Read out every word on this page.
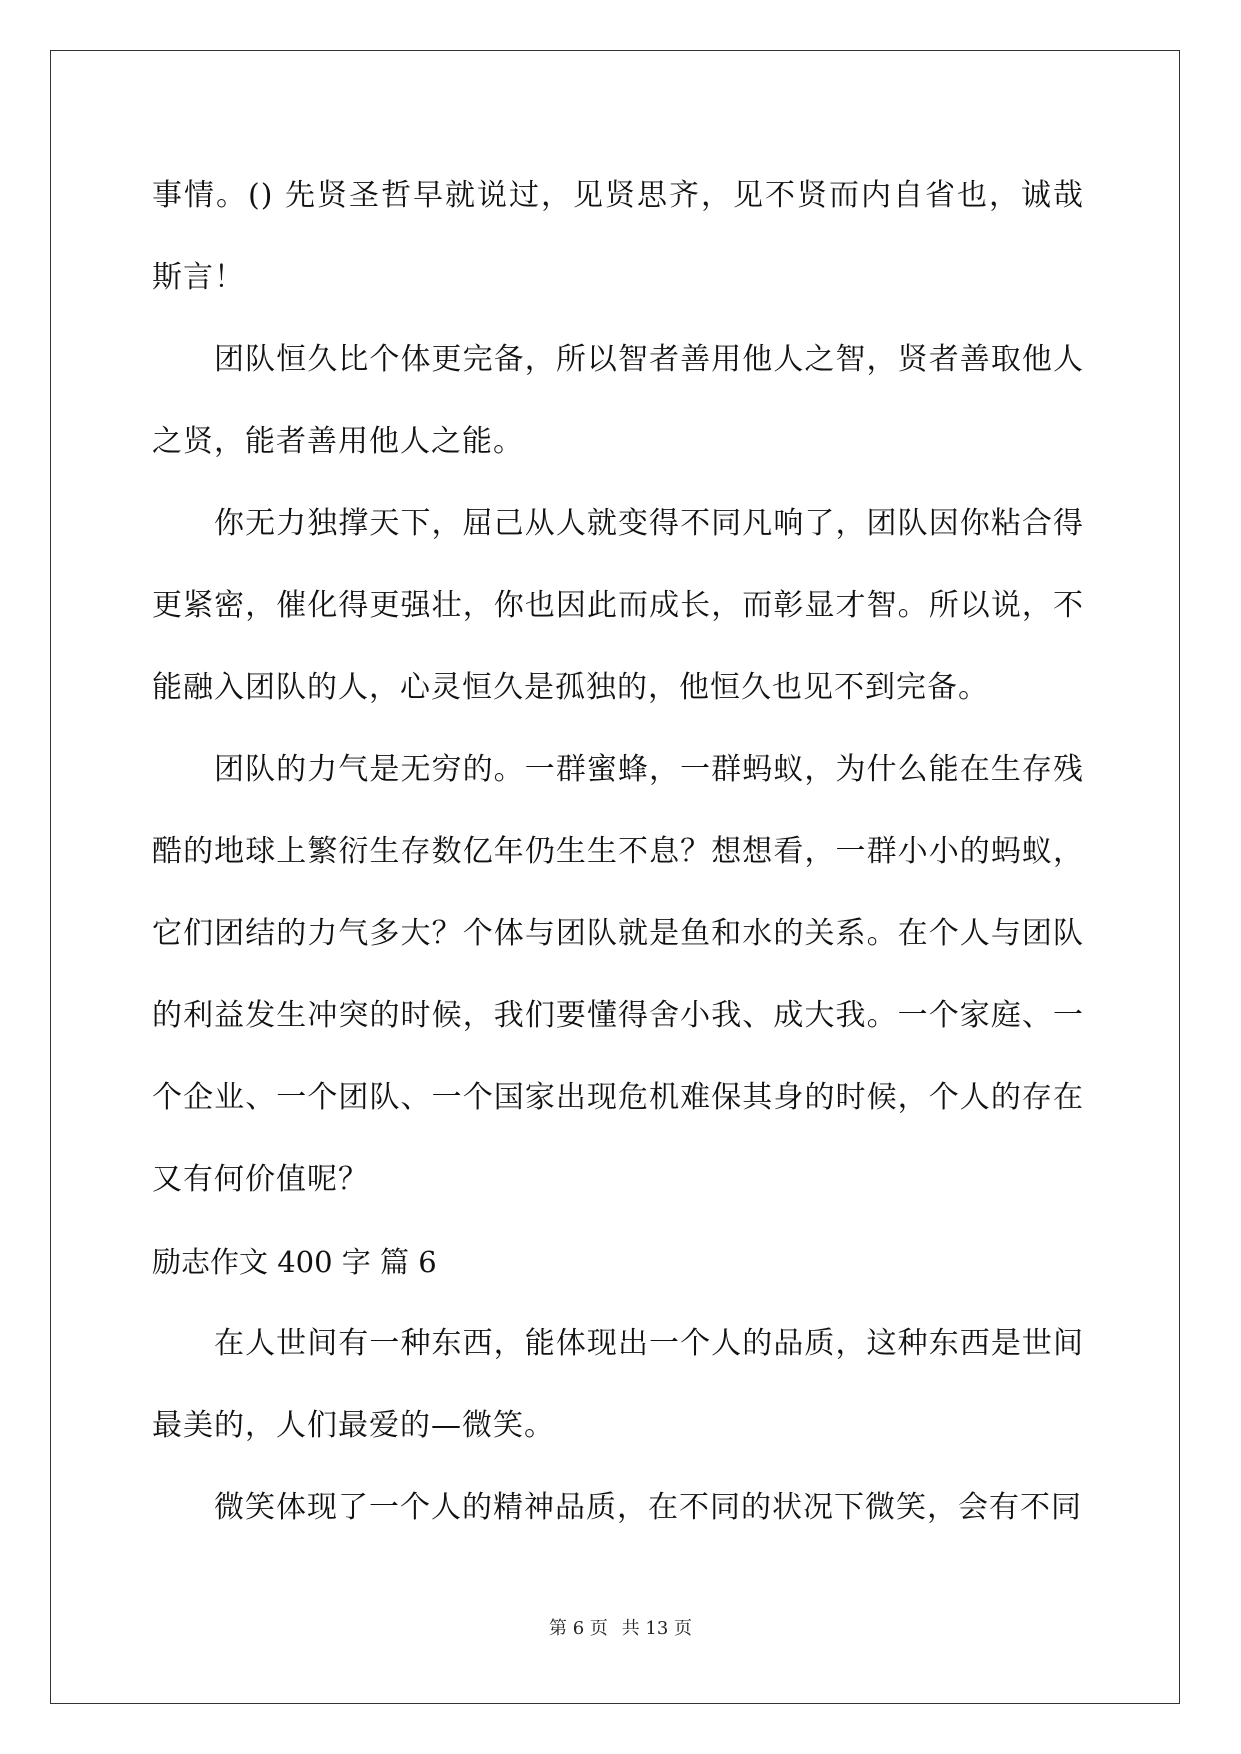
事情。() 先贤圣哲早就说过，见贤思齐，见不贤而内自省也，诚哉斯言！

团队恒久比个体更完备，所以智者善用他人之智，贤者善取他人之贤，能者善用他人之能。

你无力独撑天下，屈己从人就变得不同凡响了，团队因你粘合得更紧密，催化得更强壮，你也因此而成长，而彰显才智。所以说，不能融入团队的人，心灵恒久是孤独的，他恒久也见不到完备。

团队的力气是无穷的。一群蜜蜂，一群蚂蚁，为什么能在生存残酷的地球上繁衍生存数亿年仍生生不息？想想看，一群小小的蚂蚁，它们团结的力气多大？个体与团队就是鱼和水的关系。在个人与团队的利益发生冲突的时候，我们要懂得舍小我、成大我。一个家庭、一个企业、一个团队、一个国家出现危机难保其身的时候，个人的存在又有何价值呢？

励志作文 400 字 篇 6

在人世间有一种东西，能体现出一个人的品质，这种东西是世间最美的，人们最爱的—微笑。

微笑体现了一个人的精神品质，在不同的状况下微笑，会有不同

第 6 页 共 13 页
